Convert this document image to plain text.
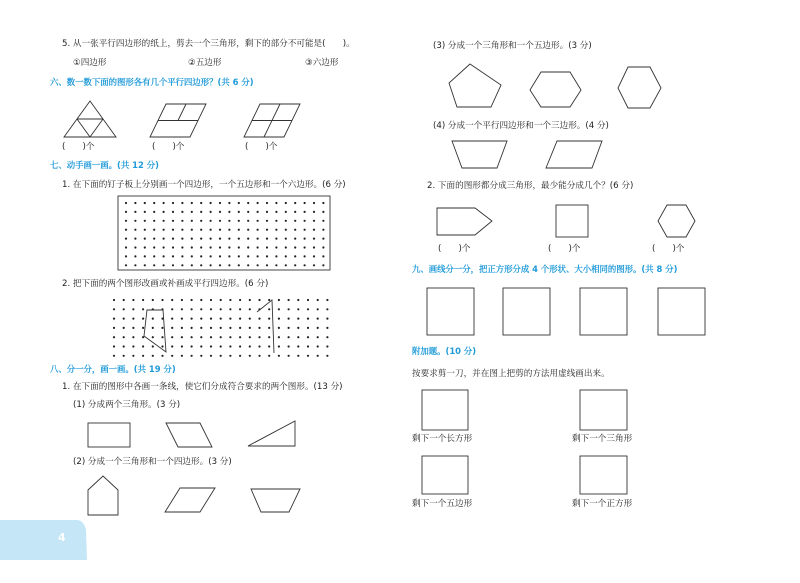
5. 从一张平行四边形的纸上，剪去一个三角形，剩下的部分不可能是(　　)。
①四边形	②五边形	③六边形
六、数一数下面的图形各有几个平行四边形？(共 6 分)
(　　)个	(　　)个	(　　)个
七、动手画一画。(共 12 分)
1. 在下面的钉子板上分别画一个四边形，一个五边形和一个六边形。(6 分)
2. 把下面的两个图形改画或补画成平行四边形。(6 分)
八、分一分，画一画。(共 19 分)
1. 在下面的图形中各画一条线，使它们分成符合要求的两个图形。(13 分)
(1) 分成两个三角形。(3 分)
(2) 分成一个三角形和一个四边形。(3 分)
4
(3) 分成一个三角形和一个五边形。(3 分)
(4) 分成一个平行四边形和一个三边形。(4 分)
2. 下面的图形都分成三角形，最少能分成几个？(6 分)
(　　)个	(　　)个	(　　)个
九、画线分一分，把正方形分成 4 个形状、大小相同的图形。(共 8 分)
附加题。(10 分)
按要求剪一刀，并在图上把剪的方法用虚线画出来。
剩下一个长方形	剩下一个三角形
剩下一个五边形	剩下一个正方形
